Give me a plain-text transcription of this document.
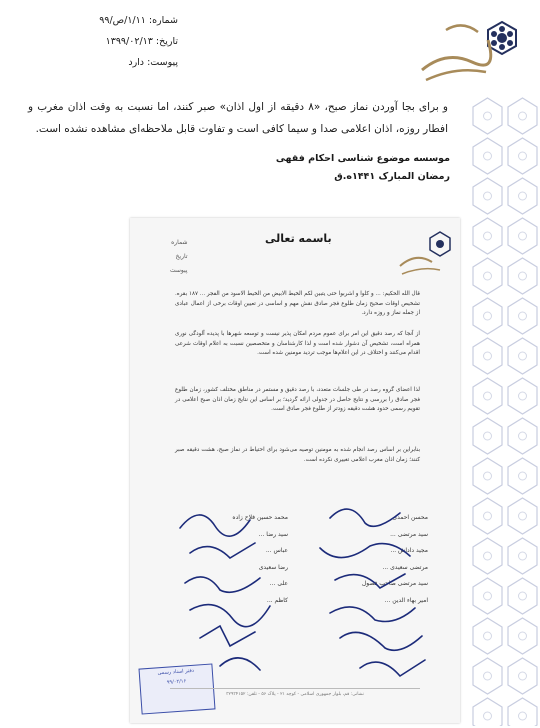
شماره: ۱/۱۱/ص/۹۹
تاریخ: ۱۳۹۹/۰۲/۱۳
پیوست: دارد
و برای بجا آوردن نماز صبح، «۸ دقیقه از اول اذان» صبر کنند، اما نسبت به وقت اذان مغرب و افطار روزه، اذان اعلامی صدا و سیما کافی است و تفاوت قابل ملاحظه‌ای مشاهده نشده است.
موسسه موضوع شناسی احکام فقهی
رمضان المبارک ۱۴۴۱ه.ق
باسمه تعالی
شماره
تاریخ
پیوست
قال الله الحکیم: ... و کلوا و اشربوا حتی یتبین لکم الخیط الابیض من الخیط الاسود من الفجر ... ۱۸۷ بقره. تشخیص اوقات صحیح زمان طلوع فجر صادق نقش مهم و اساسی در تعیین اوقات برخی از اعمال عبادی از جمله نماز و روزه دارد.
از آنجا که رصد دقیق این امر برای عموم مردم امکان پذیر نیست و توسعه شهرها با پدیده آلودگی نوری همراه است، تشخیص آن دشوار شده است و لذا کارشناسان و متخصصین نسبت به اعلام اوقات شرعی اقدام می‌کنند و اختلاف در این اعلام‌ها موجب تردید مومنین شده است.
لذا اعضای گروه رصد در طی جلسات متعدد، با رصد دقیق و مستمر در مناطق مختلف کشور، زمان طلوع فجر صادق را بررسی و نتایج حاصل در جدولی ارائه گردید؛ بر اساس این نتایج زمان اذان صبح اعلامی در تقویم رسمی حدود هشت دقیقه زودتر از طلوع فجر صادق است.
بنابراین بر اساس رصد انجام شده به مومنین توصیه می‌شود برای احتیاط در نماز صبح، هشت دقیقه صبر کنند؛ زمان اذان مغرب اعلامی تغییری نکرده است.
محسن احمدی
سید مرتضی ...
مجید داداش ...
مرتضی سعیدی ...
سید مرتضی صاحب فصول
امیر بهاء الدین ...
محمد حسین فلاح زاده
سید رضا ...
عباس ...
رضا سعیدی
علی ...
کاظم ...
دفتر اسناد رسمی
۹۹/۰۲/۱۶
نشانی: قم، بلوار جمهوری اسلامی - کوچه ۲۱ - پلاک ۵۶ - تلفن: ۳۲۹۳۴۱۵۲
